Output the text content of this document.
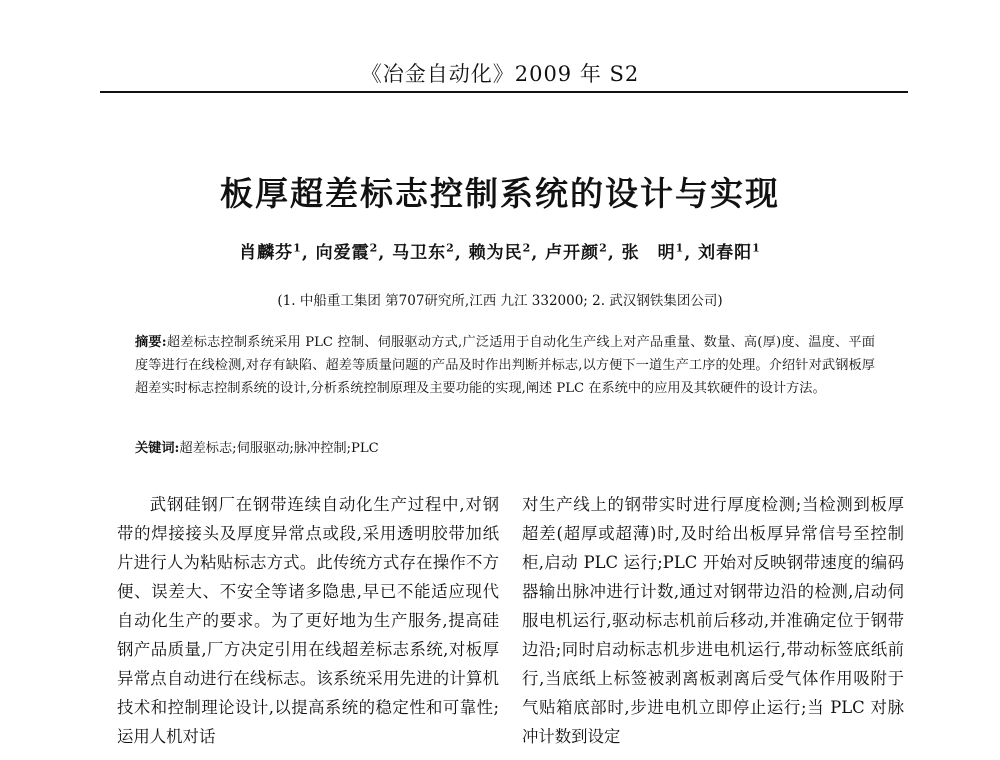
《冶金自动化》2009 年 S2
板厚超差标志控制系统的设计与实现
肖麟芬$^1$, 向爱霞$^2$, 马卫东$^2$, 赖为民$^2$, 卢开颜$^2$, 张　明$^1$, 刘春阳$^1$
(1. 中船重工集团 第707研究所,江西 九江 332000; 2. 武汉钢铁集团公司)
摘要:超差标志控制系统采用 PLC 控制、伺服驱动方式,广泛适用于自动化生产线上对产品重量、数量、高(厚)度、温度、平面度等进行在线检测,对存有缺陷、超差等质量问题的产品及时作出判断并标志,以方便下一道生产工序的处理。介绍针对武钢板厚超差实时标志控制系统的设计,分析系统控制原理及主要功能的实现,阐述 PLC 在系统中的应用及其软硬件的设计方法。
关键词:超差标志;伺服驱动;脉冲控制;PLC

武钢硅钢厂在钢带连续自动化生产过程中,对钢带的焊接接头及厚度异常点或段,采用透明胶带加纸片进行人为粘贴标志方式。此传统方式存在操作不方便、误差大、不安全等诸多隐患,早已不能适应现代自动化生产的要求。为了更好地为生产服务,提高硅钢产品质量,厂方决定引用在线超差标志系统,对板厚异常点自动进行在线标志。该系统采用先进的计算机技术和控制理论设计,以提高系统的稳定性和可靠性;运用人机对话

对生产线上的钢带实时进行厚度检测;当检测到板厚超差(超厚或超薄)时,及时给出板厚异常信号至控制柜,启动 PLC 运行;PLC 开始对反映钢带速度的编码器输出脉冲进行计数,通过对钢带边沿的检测,启动伺服电机运行,驱动标志机前后移动,并准确定位于钢带边沿;同时启动标志机步进电机运行,带动标签底纸前行,当底纸上标签被剥离板剥离后受气体作用吸附于气贴箱底部时,步进电机立即停止运行;当 PLC 对脉冲计数到设定
